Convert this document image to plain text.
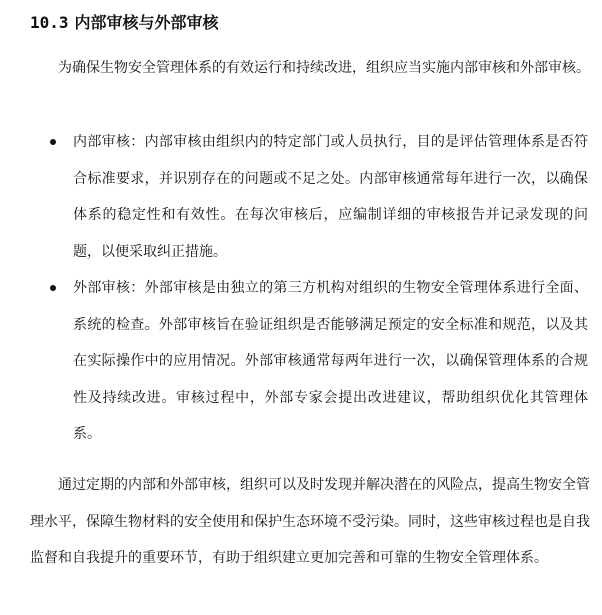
10.3 内部审核与外部审核

为确保生物安全管理体系的有效运行和持续改进，组织应当实施内部审核和外部审核。

内部审核：内部审核由组织内的特定部门或人员执行，目的是评估管理体系是否符合标准要求，并识别存在的问题或不足之处。内部审核通常每年进行一次，以确保体系的稳定性和有效性。在每次审核后，应编制详细的审核报告并记录发现的问题，以便采取纠正措施。
外部审核：外部审核是由独立的第三方机构对组织的生物安全管理体系进行全面、系统的检查。外部审核旨在验证组织是否能够满足预定的安全标准和规范，以及其在实际操作中的应用情况。外部审核通常每两年进行一次，以确保管理体系的合规性及持续改进。审核过程中，外部专家会提出改进建议，帮助组织优化其管理体系。

通过定期的内部和外部审核，组织可以及时发现并解决潜在的风险点，提高生物安全管理水平，保障生物材料的安全使用和保护生态环境不受污染。同时，这些审核过程也是自我监督和自我提升的重要环节，有助于组织建立更加完善和可靠的生物安全管理体系。
